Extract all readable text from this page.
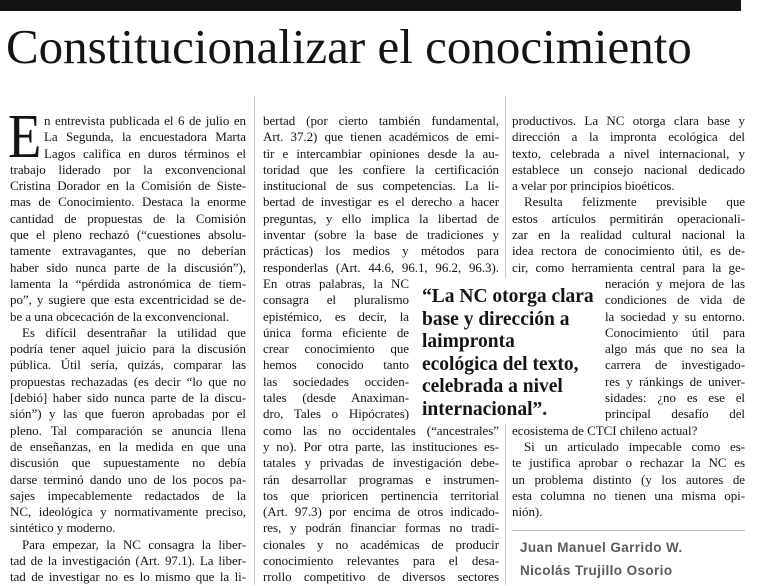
Constitucionalizar el conocimiento
E n entrevista publicada el 6 de julio en
La Segunda, la encuestadora Marta
Lagos califica en duros términos el
trabajo liderado por la exconvencional
Cristina Dorador en la Comisión de Siste-
mas de Conocimiento. Destaca la enorme
cantidad de propuestas de la Comisión
que el pleno rechazó (“cuestiones absolu-
tamente extravagantes, que no deberían
haber sido nunca parte de la discusión”),
lamenta la “pérdida astronómica de tiem-
po”, y sugiere que esta excentricidad se de-
be a una obcecación de la exconvencional.
Es difícil desentrañar la utilidad que
podría tener aquel juicio para la discusión
pública. Útil sería, quizás, comparar las
propuestas rechazadas (es decir “lo que no
[debió] haber sido nunca parte de la discu-
sión”) y las que fueron aprobadas por el
pleno. Tal comparación se anuncia llena
de enseñanzas, en la medida en que una
discusión que supuestamente no debía
darse terminó dando uno de los pocos pa-
sajes impecablemente redactados de la
NC, ideológica y normativamente preciso,
sintético y moderno.
Para empezar, la NC consagra la liber-
tad de la investigación (Art. 97.1). La liber-
tad de investigar no es lo mismo que la li-
bertad (por cierto también fundamental,
Art. 37.2) que tienen académicos de emi-
tir e intercambiar opiniones desde la au-
toridad que les confiere la certificación
institucional de sus competencias. La li-
bertad de investigar es el derecho a hacer
preguntas, y ello implica la libertad de
inventar (sobre la base de tradiciones y
prácticas) los medios y métodos para
responderlas (Art. 44.6, 96.1, 96.2, 96.3).
En otras palabras, la NC
consagra el pluralismo
epistémico, es decir, la
única forma eficiente de
crear conocimiento que
hemos conocido tanto
las sociedades occiden-
tales (desde Anaximan-
dro, Tales o Hipócrates)
como las no occidentales (“ancestrales”
y no). Por otra parte, las instituciones es-
tatales y privadas de investigación debe-
rán desarrollar programas e instrumen-
tos que prioricen pertinencia territorial
(Art. 97.3) por encima de otros indicado-
res, y podrán financiar formas no tradi-
cionales y no académicas de producir
conocimiento relevantes para el desa-
rrollo competitivo de diversos sectores
“La NC otorga clara
base y dirección a
laimpronta
ecológica del texto,
celebrada a nivel
internacional”.
productivos. La NC otorga clara base y
dirección a la impronta ecológica del
texto, celebrada a nivel internacional, y
establece un consejo nacional dedicado
a velar por principios bioéticos.
Resulta felizmente previsible que
estos artículos permitirán operacionali-
zar en la realidad cultural nacional la
idea rectora de conocimiento útil, es de-
cir, como herramienta central para la ge-
neración y mejora de las
condiciones de vida de
la sociedad y su entorno.
Conocimiento útil para
algo más que no sea la
carrera de investigado-
res y ránkings de univer-
sidades: ¿no es ese el
principal desafío del
ecosistema de CTCI chileno actual?
Si un articulado impecable como es-
te justifica aprobar o rechazar la NC es
un problema distinto (y los autores de
esta columna no tienen una misma opi-
nión).
Juan Manuel Garrido W.
Nicolás Trujillo Osorio
